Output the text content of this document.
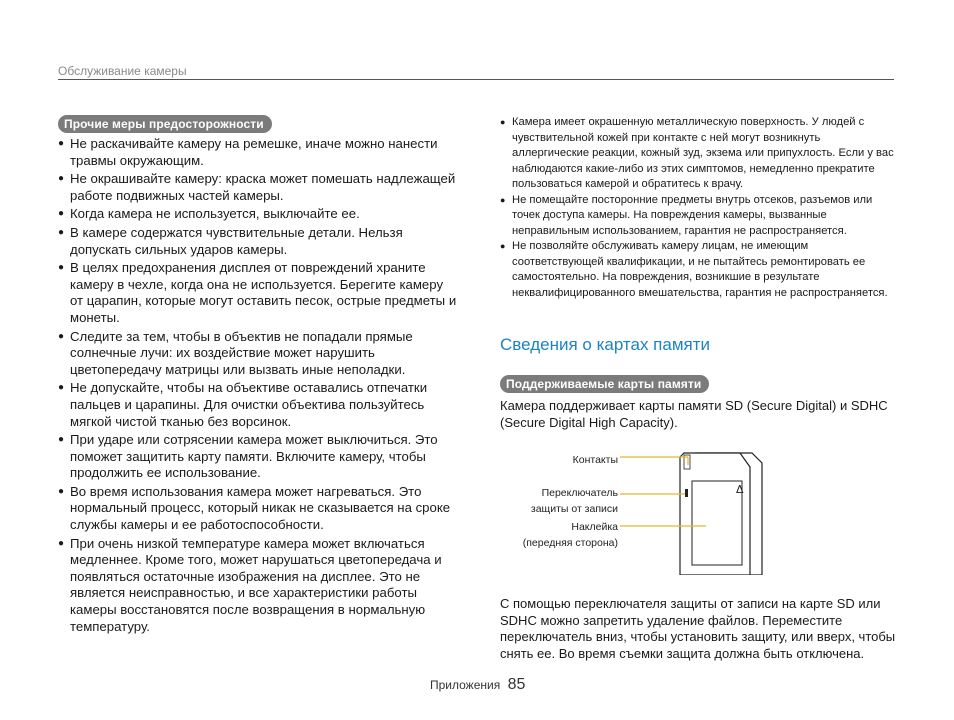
Обслуживание камеры
Прочие меры предосторожности
● Не раскачивайте камеру на ремешке, иначе можно нанести травмы окружающим.
● Не окрашивайте камеру: краска может помешать надлежащей работе подвижных частей камеры.
● Когда камера не используется, выключайте ее.
● В камере содержатся чувствительные детали. Нельзя допускать сильных ударов камеры.
● В целях предохранения дисплея от повреждений храните камеру в чехле, когда она не используется. Берегите камеру от царапин, которые могут оставить песок, острые предметы и монеты.
● Следите за тем, чтобы в объектив не попадали прямые солнечные лучи: их воздействие может нарушить цветопередачу матрицы или вызвать иные неполадки.
● Не допускайте, чтобы на объективе оставались отпечатки пальцев и царапины. Для очистки объектива пользуйтесь мягкой чистой тканью без ворсинок.
● При ударе или сотрясении камера может выключиться. Это поможет защитить карту памяти. Включите камеру, чтобы продолжить ее использование.
● Во время использования камера может нагреваться. Это нормальный процесс, который никак не сказывается на сроке службы камеры и ее работоспособности.
● При очень низкой температуре камера может включаться медленнее. Кроме того, может нарушаться цветопередача и появляться остаточные изображения на дисплее. Это не является неисправностью, и все характеристики работы камеры восстановятся после возвращения в нормальную температуру.
● Камера имеет окрашенную металлическую поверхность. У людей с чувствительной кожей при контакте с ней могут возникнуть аллергические реакции, кожный зуд, экзема или припухлость. Если у вас наблюдаются какие-либо из этих симптомов, немедленно прекратите пользоваться камерой и обратитесь к врачу.
● Не помещайте посторонние предметы внутрь отсеков, разъемов или точек доступа камеры. На повреждения камеры, вызванные неправильным использованием, гарантия не распространяется.
● Не позволяйте обслуживать камеру лицам, не имеющим соответствующей квалификации, и не пытайтесь ремонтировать ее самостоятельно. На повреждения, возникшие в результате неквалифицированного вмешательства, гарантия не распространяется.
Сведения о картах памяти
Поддерживаемые карты памяти

Камера поддерживает карты памяти SD (Secure Digital) и SDHC (Secure Digital High Capacity).

Контакты
Переключатель
защиты от записи
Наклейка
(передняя сторона)
Δ

С помощью переключателя защиты от записи на карте SD или SDHC можно запретить удаление файлов. Переместите переключатель вниз, чтобы установить защиту, или вверх, чтобы снять ее. Во время съемки защита должна быть отключена.

Приложения 85
